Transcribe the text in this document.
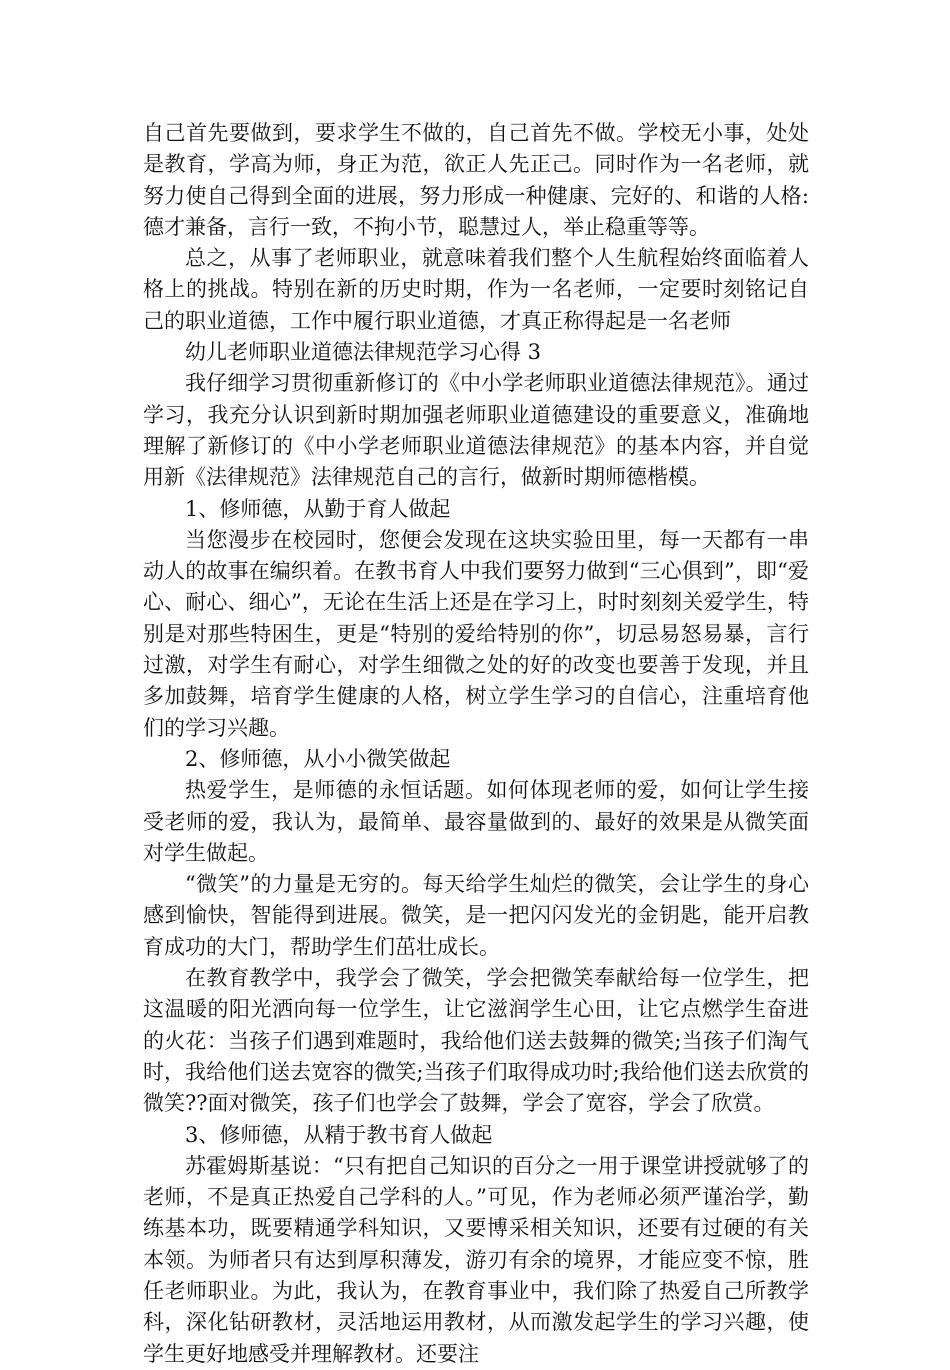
自己首先要做到，要求学生不做的，自己首先不做。学校无小事，处处是教育，学高为师，身正为范，欲正人先正己。同时作为一名老师，就努力使自己得到全面的进展，努力形成一种健康、完好的、和谐的人格:德才兼备，言行一致，不拘小节，聪慧过人，举止稳重等等。

总之，从事了老师职业，就意味着我们整个人生航程始终面临着人格上的挑战。特别在新的历史时期，作为一名老师，一定要时刻铭记自己的职业道德，工作中履行职业道德，才真正称得起是一名老师

幼儿老师职业道德法律规范学习心得 3

我仔细学习贯彻重新修订的《中小学老师职业道德法律规范》。通过学习，我充分认识到新时期加强老师职业道德建设的重要意义，准确地理解了新修订的《中小学老师职业道德法律规范》的基本内容，并自觉用新《法律规范》法律规范自己的言行，做新时期师德楷模。

1、修师德，从勤于育人做起

当您漫步在校园时，您便会发现在这块实验田里，每一天都有一串动人的故事在编织着。在教书育人中我们要努力做到“三心俱到”，即“爱心、耐心、细心”，无论在生活上还是在学习上，时时刻刻关爱学生，特别是对那些特困生，更是“特别的爱给特别的你”，切忌易怒易暴，言行过激，对学生有耐心，对学生细微之处的好的改变也要善于发现，并且多加鼓舞，培育学生健康的人格，树立学生学习的自信心，注重培育他们的学习兴趣。

2、修师德，从小小微笑做起

热爱学生，是师德的永恒话题。如何体现老师的爱，如何让学生接受老师的爱，我认为，最简单、最容量做到的、最好的效果是从微笑面对学生做起。

“微笑”的力量是无穷的。每天给学生灿烂的微笑，会让学生的身心感到愉快，智能得到进展。微笑，是一把闪闪发光的金钥匙，能开启教育成功的大门，帮助学生们茁壮成长。

在教育教学中，我学会了微笑，学会把微笑奉献给每一位学生，把这温暖的阳光洒向每一位学生，让它滋润学生心田，让它点燃学生奋进的火花：当孩子们遇到难题时，我给他们送去鼓舞的微笑;当孩子们淘气时，我给他们送去宽容的微笑;当孩子们取得成功时;我给他们送去欣赏的微笑??面对微笑，孩子们也学会了鼓舞，学会了宽容，学会了欣赏。

3、修师德，从精于教书育人做起

苏霍姆斯基说：“只有把自己知识的百分之一用于课堂讲授就够了的老师，不是真正热爱自己学科的人。”可见，作为老师必须严谨治学，勤练基本功，既要精通学科知识，又要博采相关知识，还要有过硬的有关本领。为师者只有达到厚积薄发，游刃有余的境界，才能应变不惊，胜任老师职业。为此，我认为，在教育事业中，我们除了热爱自己所教学科，深化钻研教材，灵活地运用教材，从而激发起学生的学习兴趣，使学生更好地感受并理解教材。还要注
